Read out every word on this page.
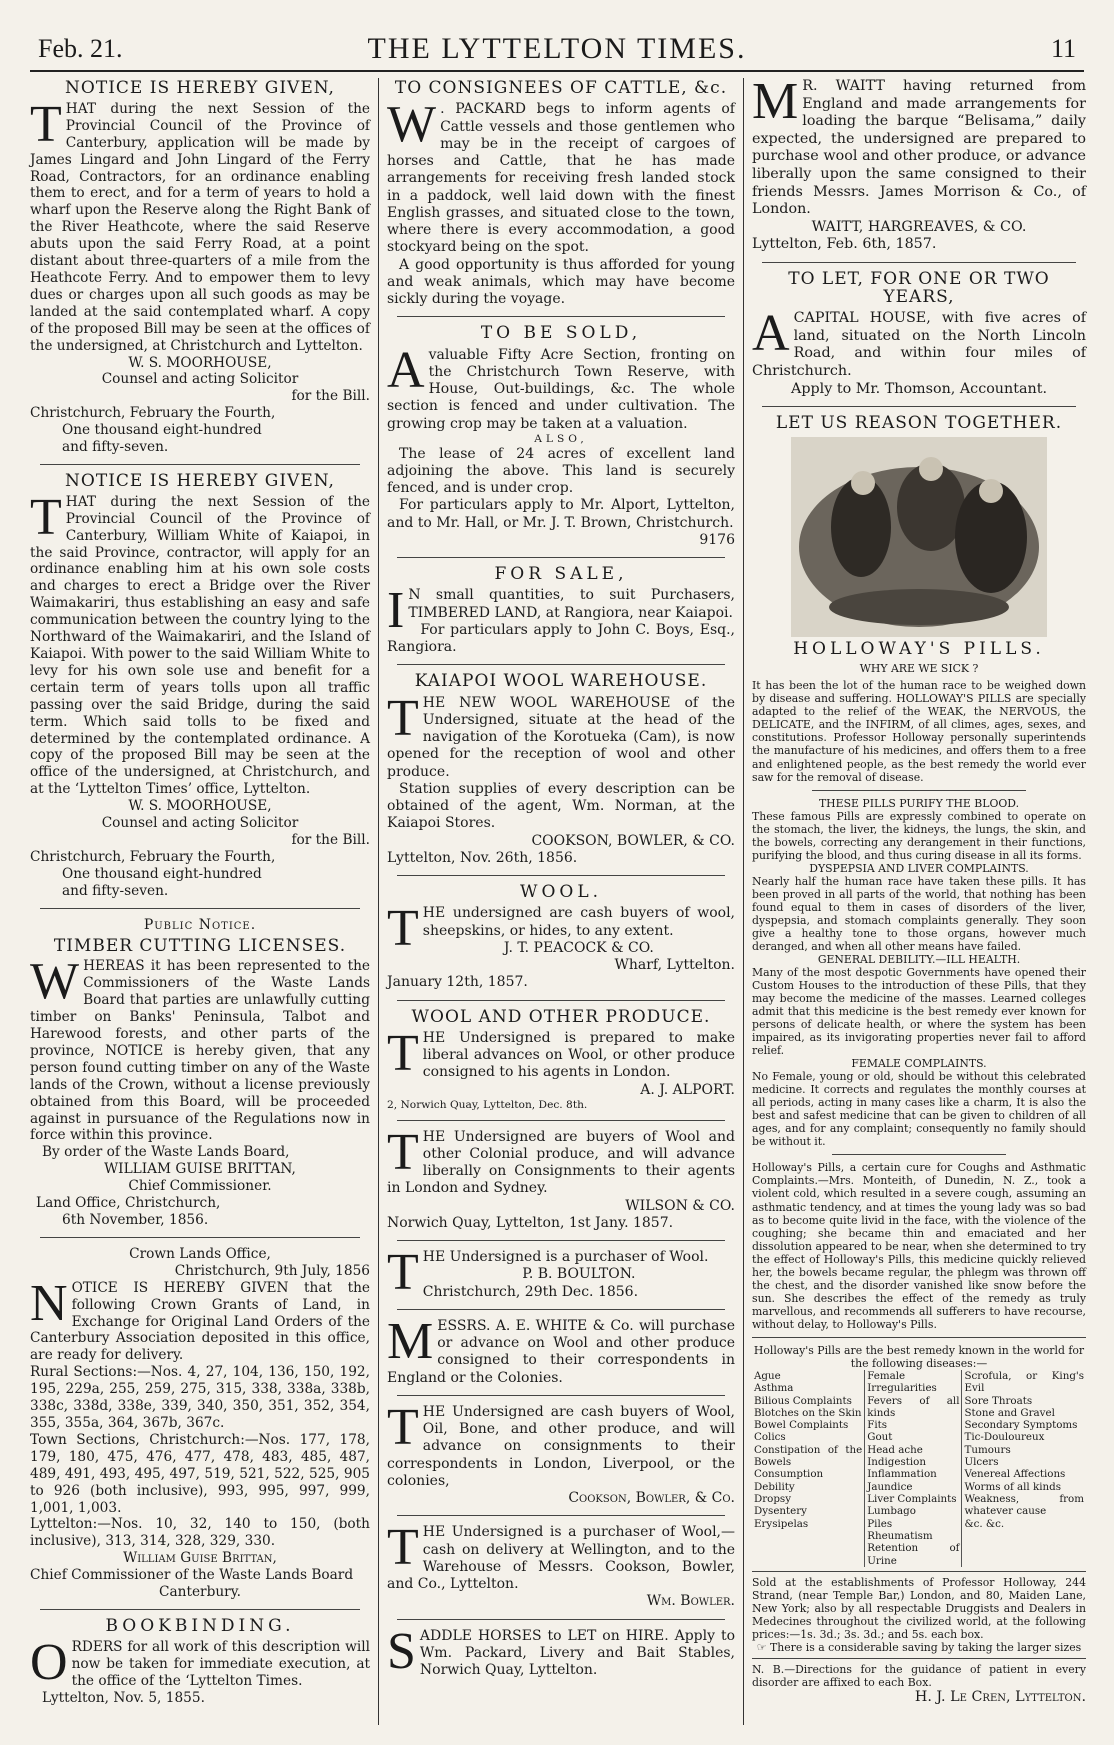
Feb. 21.	THE LYTTELTON TIMES.	11
NOTICE IS HEREBY GIVEN,

THAT during the next Session of the Provincial Council of the Province of Canterbury, application will be made by James Lingard and John Lingard of the Ferry Road, Contractors, for an ordinance enabling them to erect, and for a term of years to hold a wharf upon the Reserve along the Right Bank of the River Heathcote, where the said Reserve abuts upon the said Ferry Road, at a point distant about three-quarters of a mile from the Heathcote Ferry. And to empower them to levy dues or charges upon all such goods as may be landed at the said contemplated wharf. A copy of the proposed Bill may be seen at the offices of the undersigned, at Christchurch and Lyttelton.

W. S. MOORHOUSE,

Counsel and acting Solicitor

for the Bill.

Christchurch, February the Fourth,

One thousand eight-hundred

and fifty-seven.

NOTICE IS HEREBY GIVEN,

THAT during the next Session of the Provincial Council of the Province of Canterbury, William White of Kaiapoi, in the said Province, contractor, will apply for an ordinance enabling him at his own sole costs and charges to erect a Bridge over the River Waimakariri, thus establishing an easy and safe communication between the country lying to the Northward of the Waimakariri, and the Island of Kaiapoi. With power to the said William White to levy for his own sole use and benefit for a certain term of years tolls upon all traffic passing over the said Bridge, during the said term. Which said tolls to be fixed and determined by the contemplated ordinance. A copy of the proposed Bill may be seen at the office of the undersigned, at Christchurch, and at the ‘Lyttelton Times’ office, Lyttelton.

W. S. MOORHOUSE,

Counsel and acting Solicitor

for the Bill.

Christchurch, February the Fourth,

One thousand eight-hundred

and fifty-seven.

Public Notice.
TIMBER CUTTING LICENSES.

WHEREAS it has been represented to the Commissioners of the Waste Lands Board that parties are unlawfully cutting timber on Banks' Peninsula, Talbot and Harewood forests, and other parts of the province, NOTICE is hereby given, that any person found cutting timber on any of the Waste lands of the Crown, without a license previously obtained from this Board, will be proceeded against in pursuance of the Regulations now in force within this province.

By order of the Waste Lands Board,

WILLIAM GUISE BRITTAN,

Chief Commissioner.

Land Office, Christchurch,

6th November, 1856.

Crown Lands Office,

Christchurch, 9th July, 1856

NOTICE IS HEREBY GIVEN that the following Crown Grants of Land, in Exchange for Original Land Orders of the Canterbury Association deposited in this office, are ready for delivery.

Rural Sections:—Nos. 4, 27, 104, 136, 150, 192, 195, 229a, 255, 259, 275, 315, 338, 338a, 338b, 338c, 338d, 338e, 339, 340, 350, 351, 352, 354, 355, 355a, 364, 367b, 367c.

Town Sections, Christchurch:—Nos. 177, 178, 179, 180, 475, 476, 477, 478, 483, 485, 487, 489, 491, 493, 495, 497, 519, 521, 522, 525, 905 to 926 (both inclusive), 993, 995, 997, 999, 1,001, 1,003.

Lyttelton:—Nos. 10, 32, 140 to 150, (both inclusive), 313, 314, 328, 329, 330.

William Guise Brittan,

Chief Commissioner of the Waste Lands Board

Canterbury.

BOOKBINDING.

ORDERS for all work of this description will now be taken for immediate execution, at the office of the ‘Lyttelton Times.

Lyttelton, Nov. 5, 1855.

TO CONSIGNEES OF CATTLE, &c.

W . PACKARD begs to inform agents of Cattle vessels and those gentlemen who may be in the receipt of cargoes of horses and Cattle, that he has made arrangements for receiving fresh landed stock in a paddock, well laid down with the finest English grasses, and situated close to the town, where there is every accommodation, a good stockyard being on the spot.

A good opportunity is thus afforded for young and weak animals, which may have become sickly during the voyage.

TO BE SOLD,

Avaluable Fifty Acre Section, fronting on the Christchurch Town Reserve, with House, Out-buildings, &c. The whole section is fenced and under cultivation. The growing crop may be taken at a valuation.

ALSO,

The lease of 24 acres of excellent land adjoining the above. This land is securely fenced, and is under crop.

For particulars apply to Mr. Alport, Lyttelton, and to Mr. Hall, or Mr. J. T. Brown, Christchurch.

9176

FOR SALE,

I N small quantities, to suit Purchasers, TIMBERED LAND, at Rangiora, near Kaiapoi.

For particulars apply to John C. Boys, Esq., Rangiora.

KAIAPOI WOOL WAREHOUSE.

THE NEW WOOL WAREHOUSE of the Undersigned, situate at the head of the navigation of the Korotueka (Cam), is now opened for the reception of wool and other produce.

Station supplies of every description can be obtained of the agent, Wm. Norman, at the Kaiapoi Stores.

COOKSON, BOWLER, & CO.

Lyttelton, Nov. 26th, 1856.

WOOL.

THE undersigned are cash buyers of wool, sheepskins, or hides, to any extent.

J. T. PEACOCK & CO.

Wharf, Lyttelton.

January 12th, 1857.

WOOL AND OTHER PRODUCE.

THE Undersigned is prepared to make liberal advances on Wool, or other produce consigned to his agents in London.

A. J. ALPORT.

2, Norwich Quay, Lyttelton, Dec. 8th.

THE Undersigned are buyers of Wool and other Colonial produce, and will advance liberally on Consignments to their agents in London and Sydney.

WILSON & CO.

Norwich Quay, Lyttelton, 1st Jany. 1857.

THE Undersigned is a purchaser of Wool.

P. B. BOULTON.

Christchurch, 29th Dec. 1856.

MESSRS. A. E. WHITE & Co. will purchase or advance on Wool and other produce consigned to their correspondents in England or the Colonies.

THE Undersigned are cash buyers of Wool, Oil, Bone, and other produce, and will advance on consignments to their correspondents in London, Liverpool, or the colonies,

Cookson, Bowler, & Co.

THE Undersigned is a purchaser of Wool,—cash on delivery at Wellington, and to the Warehouse of Messrs. Cookson, Bowler, and Co., Lyttelton.

Wm. Bowler.

SADDLE HORSES to LET on HIRE. Apply to Wm. Packard, Livery and Bait Stables, Norwich Quay, Lyttelton.

M R. WAITT having returned from England and made arrangements for loading the barque “Belisama,” daily expected, the undersigned are prepared to purchase wool and other produce, or advance liberally upon the same consigned to their friends Messrs. James Morrison & Co., of London.

WAITT, HARGREAVES, & CO.

Lyttelton, Feb. 6th, 1857.

TO LET, FOR ONE OR TWO YEARS,

ACAPITAL HOUSE, with five acres of land, situated on the North Lincoln Road, and within four miles of Christchurch.

Apply to Mr. Thomson, Accountant.

LET US REASON TOGETHER.
HOLLOWAY'S PILLS.
WHY ARE WE SICK ?

It has been the lot of the human race to be weighed down by disease and suffering. HOLLOWAY'S PILLS are specially adapted to the relief of the WEAK, the NERVOUS, the DELICATE, and the INFIRM, of all climes, ages, sexes, and constitutions. Professor Holloway personally superintends the manufacture of his medicines, and offers them to a free and enlightened people, as the best remedy the world ever saw for the removal of disease.

THESE PILLS PURIFY THE BLOOD.

These famous Pills are expressly combined to operate on the stomach, the liver, the kidneys, the lungs, the skin, and the bowels, correcting any derangement in their functions, purifying the blood, and thus curing disease in all its forms.

DYSPEPSIA AND LIVER COMPLAINTS.

Nearly half the human race have taken these pills. It has been proved in all parts of the world, that nothing has been found equal to them in cases of disorders of the liver, dyspepsia, and stomach complaints generally. They soon give a healthy tone to those organs, however much deranged, and when all other means have failed.

GENERAL DEBILITY.—ILL HEALTH.

Many of the most despotic Governments have opened their Custom Houses to the introduction of these Pills, that they may become the medicine of the masses. Learned colleges admit that this medicine is the best remedy ever known for persons of delicate health, or where the system has been impaired, as its invigorating properties never fail to afford relief.

FEMALE COMPLAINTS.

No Female, young or old, should be without this celebrated medicine. It corrects and regulates the monthly courses at all periods, acting in many cases like a charm, It is also the best and safest medicine that can be given to children of all ages, and for any complaint; consequently no family should be without it.

Holloway's Pills, a certain cure for Coughs and Asthmatic Complaints.—Mrs. Monteith, of Dunedin, N. Z., took a violent cold, which resulted in a severe cough, assuming an asthmatic tendency, and at times the young lady was so bad as to become quite livid in the face, with the violence of the coughing; she became thin and emaciated and her dissolution appeared to be near, when she determined to try the effect of Holloway's Pills, this medicine quickly relieved her, the bowels became regular, the phlegm was thrown off the chest, and the disorder vanished like snow before the sun. She describes the effect of the remedy as truly marvellous, and recommends all sufferers to have recourse, without delay, to Holloway's Pills.

Holloway's Pills are the best remedy known in the world for the following diseases:—

Ague
Asthma
Bilious Complaints
Blotches on the Skin
Bowel Complaints
Colics
Constipation of the Bowels
Consumption
Debility
Dropsy
Dysentery
Erysipelas

Female Irregularities
Fevers of all kinds
Fits
Gout
Head ache
Indigestion
Inflammation
Jaundice
Liver Complaints
Lumbago
Piles
Rheumatism
Retention of Urine

Scrofula, or King's Evil
Sore Throats
Stone and Gravel
Secondary Symptoms
Tic-Douloureux
Tumours
Ulcers
Venereal Affections
Worms of all kinds
Weakness, from whatever cause
&c. &c.

Sold at the establishments of Professor Holloway, 244 Strand, (near Temple Bar,) London, and 80, Maiden Lane, New York; also by all respectable Druggists and Dealers in Medecines throughout the civilized world, at the following prices:—1s. 3d.; 3s. 3d.; and 5s. each box.

☞ There is a considerable saving by taking the larger sizes

N. B.—Directions for the guidance of patient in every disorder are affixed to each Box.

H. J. Le Cren, Lyttelton.
